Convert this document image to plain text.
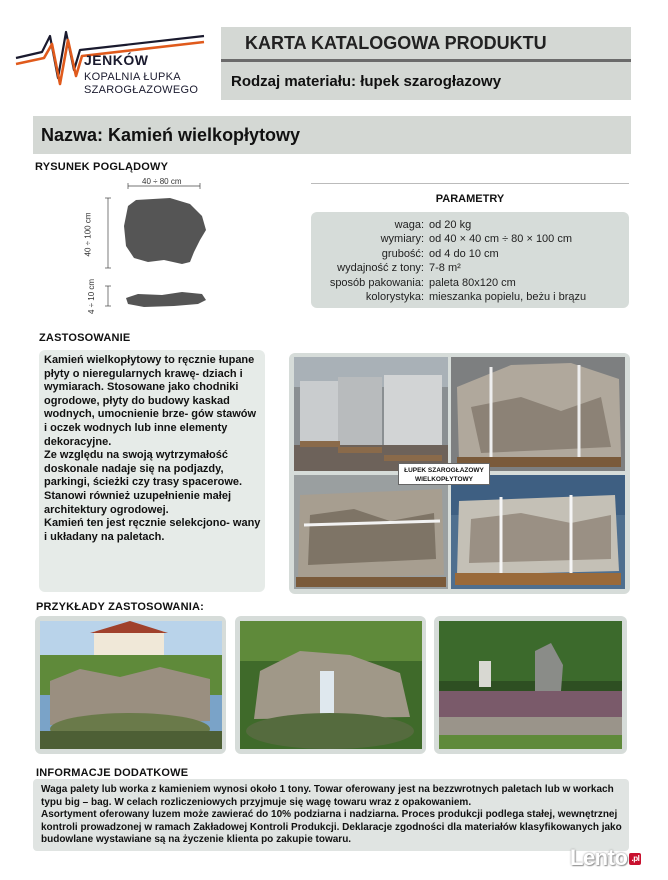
JENKÓW
KOPALNIA ŁUPKA
SZAROGŁAZOWEGO
KARTA KATALOGOWA PRODUKTU
Rodzaj materiału: łupek szarogłazowy
Nazwa: Kamień wielkopłytowy
RYSUNEK POGLĄDOWY
40 ÷ 80 cm
40 ÷ 100 cm
4 ÷ 10 cm
PARAMETRY
waga: od 20 kg
wymiary: od 40 × 40 cm ÷ 80 × 100 cm
grubość: od 4 do 10 cm
wydajność z tony: 7-8 m²
sposób pakowania: paleta 80x120 cm
kolorystyka: mieszanka popielu, beżu i brązu
ZASTOSOWANIE

Kamień wielkopłytowy to ręcznie łupane płyty o nieregularnych krawę- dziach i wymiarach. Stosowane jako chodniki ogrodowe, płyty do budowy kaskad wodnych, umocnienie brze- gów stawów i oczek wodnych lub inne elementy dekoracyjne.

Ze względu na swoją wytrzymałość doskonale nadaje się na podjazdy, parkingi, ścieżki czy trasy spacerowe.

Stanowi również uzupełnienie małej architektury ogrodowej.

Kamień ten jest ręcznie selekcjono- wany i układany na paletach.

ŁUPEK SZAROGŁAZOWY
WIELKOPŁYTOWY
PRZYKŁADY ZASTOSOWANIA:
INFORMACJE DODATKOWE

Waga palety lub worka z kamieniem wynosi około 1 tony. Towar oferowany jest na bezzwrotnych paletach lub w workach typu big – bag. W celach rozliczeniowych przyjmuje się wagę towaru wraz z opakowaniem.

Asortyment oferowany luzem może zawierać do 10% podziarna i nadziarna. Proces produkcji podlega stałej, wewnętrznej kontroli prowadzonej w ramach Zakładowej Kontroli Produkcji. Deklaracje zgodności dla materiałów klasyfikowanych jako budowlane wystawiane są na życzenie klienta po zakupie towaru.

Lento .pl
